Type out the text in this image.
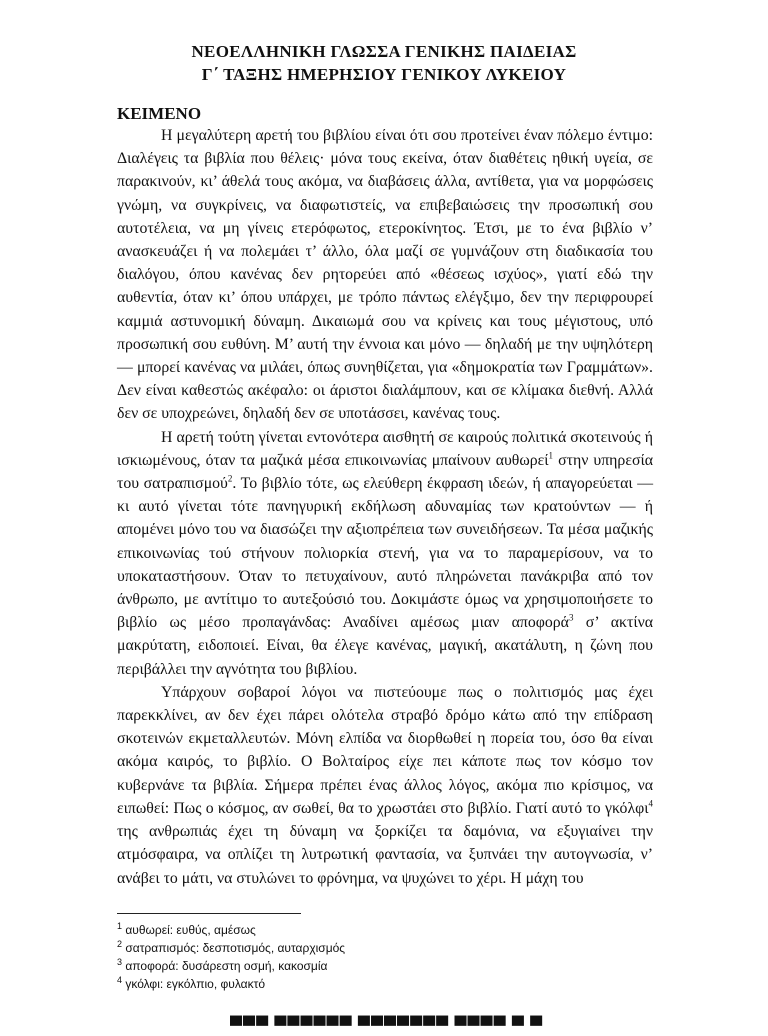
ΝΕΟΕΛΛΗΝΙΚΗ ΓΛΩΣΣΑ ΓΕΝΙΚΗΣ ΠΑΙΔΕΙΑΣ
Γ΄ ΤΑΞΗΣ ΗΜΕΡΗΣΙΟΥ ΓΕΝΙΚΟΥ ΛΥΚΕΙΟΥ
ΚΕΙΜΕΝΟ

Η μεγαλύτερη αρετή του βιβλίου είναι ότι σου προτείνει έναν πόλεμο έντιμο: Διαλέγεις τα βιβλία που θέλεις· μόνα τους εκείνα, όταν διαθέτεις ηθική υγεία, σε παρακινούν, κι’ άθελά τους ακόμα, να διαβάσεις άλλα, αντίθετα, για να μορφώσεις γνώμη, να συγκρίνεις, να διαφωτιστείς, να επιβεβαιώσεις την προσωπική σου αυτοτέλεια, να μη γίνεις ετερόφωτος, ετεροκίνητος. Έτσι, με το ένα βιβλίο ν’ ανασκευάζει ή να πολεμάει τ’ άλλο, όλα μαζί σε γυμνάζουν στη διαδικασία του διαλόγου, όπου κανένας δεν ρητορεύει από «θέσεως ισχύος», γιατί εδώ την αυθεντία, όταν κι’ όπου υπάρχει, με τρόπο πάντως ελέγξιμο, δεν την περιφρουρεί καμμιά αστυνομική δύναμη. Δικαιωμά σου να κρίνεις και τους μέγιστους, υπό προσωπική σου ευθύνη. Μ’ αυτή την έννοια και μόνο — δηλαδή με την υψηλότερη — μπορεί κανένας να μιλάει, όπως συνηθίζεται, για «δημοκρατία των Γραμμάτων». Δεν είναι καθεστώς ακέφαλο: οι άριστοι διαλάμπουν, και σε κλίμακα διεθνή. Αλλά δεν σε υποχρεώνει, δηλαδή δεν σε υποτάσσει, κανένας τους.

Η αρετή τούτη γίνεται εντονότερα αισθητή σε καιρούς πολιτικά σκοτεινούς ή ισκιωμένους, όταν τα μαζικά μέσα επικοινωνίας μπαίνουν αυθωρεί$^1$ στην υπηρεσία του σατραπισμού$^2$. Το βιβλίο τότε, ως ελεύθερη έκφραση ιδεών, ή απαγορεύεται — κι αυτό γίνεται τότε πανηγυρική εκδήλωση αδυναμίας των κρατούντων — ή απομένει μόνο του να διασώζει την αξιοπρέπεια των συνειδήσεων. Τα μέσα μαζικής επικοινωνίας τού στήνουν πολιορκία στενή, για να το παραμερίσουν, να το υποκαταστήσουν. Όταν το πετυχαίνουν, αυτό πληρώνεται πανάκριβα από τον άνθρωπο, με αντίτιμο το αυτεξούσιό του. Δοκιμάστε όμως να χρησιμοποιήσετε το βιβλίο ως μέσο προπαγάνδας: Αναδίνει αμέσως μιαν αποφορά$^3$ σ’ ακτίνα μακρύτατη, ειδοποιεί. Είναι, θα έλεγε κανένας, μαγική, ακατάλυτη, η ζώνη που περιβάλλει την αγνότητα του βιβλίου.

Υπάρχουν σοβαροί λόγοι να πιστεύουμε πως ο πολιτισμός μας έχει παρεκκλίνει, αν δεν έχει πάρει ολότελα στραβό δρόμο κάτω από την επίδραση σκοτεινών εκμεταλλευτών. Μόνη ελπίδα να διορθωθεί η πορεία του, όσο θα είναι ακόμα καιρός, το βιβλίο. Ο Βολταίρος είχε πει κάποτε πως τον κόσμο τον κυβερνάνε τα βιβλία. Σήμερα πρέπει ένας άλλος λόγος, ακόμα πιο κρίσιμος, να ειπωθεί: Πως ο κόσμος, αν σωθεί, θα το χρωστάει στο βιβλίο. Γιατί αυτό το γκόλφι$^4$ της ανθρωπιάς έχει τη δύναμη να ξορκίζει τα δαμόνια, να εξυγιαίνει την ατμόσφαιρα, να οπλίζει τη λυτρωτική φαντασία, να ξυπνάει την αυτογνωσία, ν’ ανάβει το μάτι, να στυλώνει το φρόνημα, να ψυχώνει το χέρι. Η μάχη του

$^1$ αυθωρεί: ευθύς, αμέσως
$^2$ σατραπισμός: δεσποτισμός, αυταρχισμός
$^3$ αποφορά: δυσάρεστη οσμή, κακοσμία
$^4$ γκόλφι: εγκόλπιο, φυλακτό
▀▀▀ ▀▀▀▀▀▀ ▀▀▀▀▀▀▀ ▀▀▀▀ ▀ ▀
